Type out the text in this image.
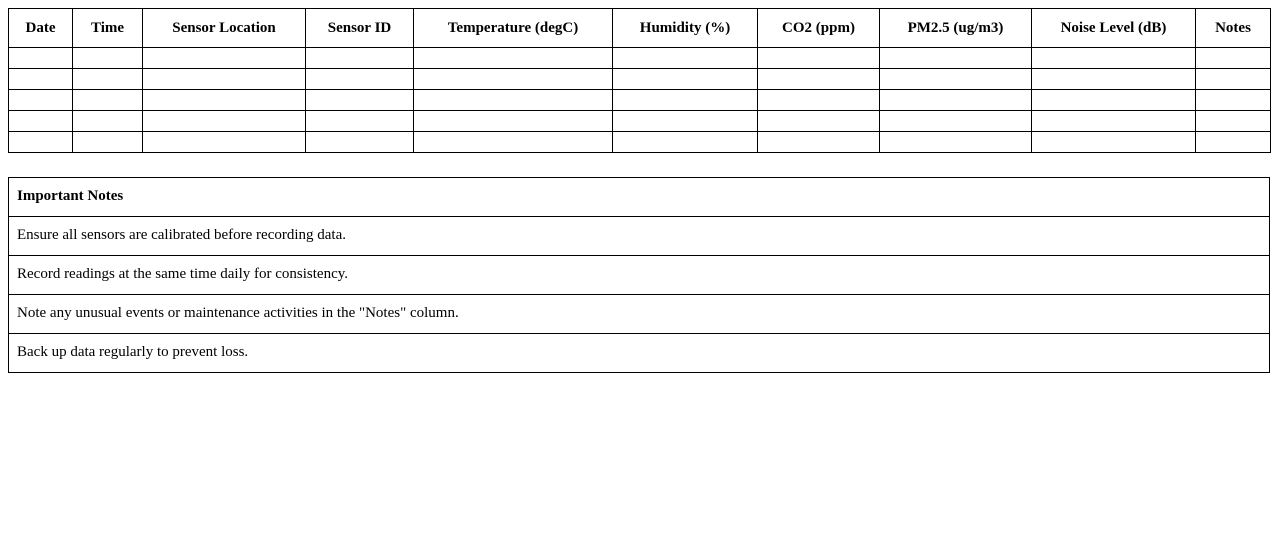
Date	Time	Sensor Location	Sensor ID	Temperature (degC)	Humidity (%)	CO2 (ppm)	PM2.5 (ug/m3)	Noise Level (dB)	Notes

Important Notes
Ensure all sensors are calibrated before recording data.
Record readings at the same time daily for consistency.
Note any unusual events or maintenance activities in the "Notes" column.
Back up data regularly to prevent loss.
